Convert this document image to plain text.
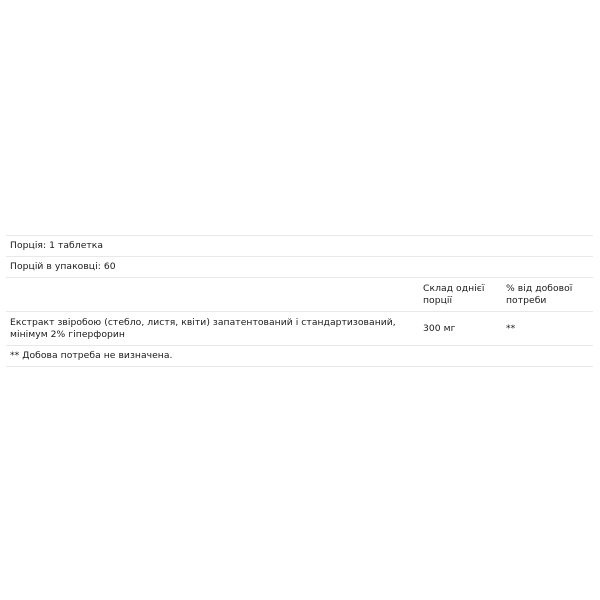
Порція: 1 таблетка		
Порцій в упаковці: 60		
	Склад однієї порції	% від добової потреби
Екстракт звіробою (стебло, листя, квіти) запатентований і стандартизований, мінімум 2% гіперфорин	300 мг	**
** Добова потреба не визначена.		
